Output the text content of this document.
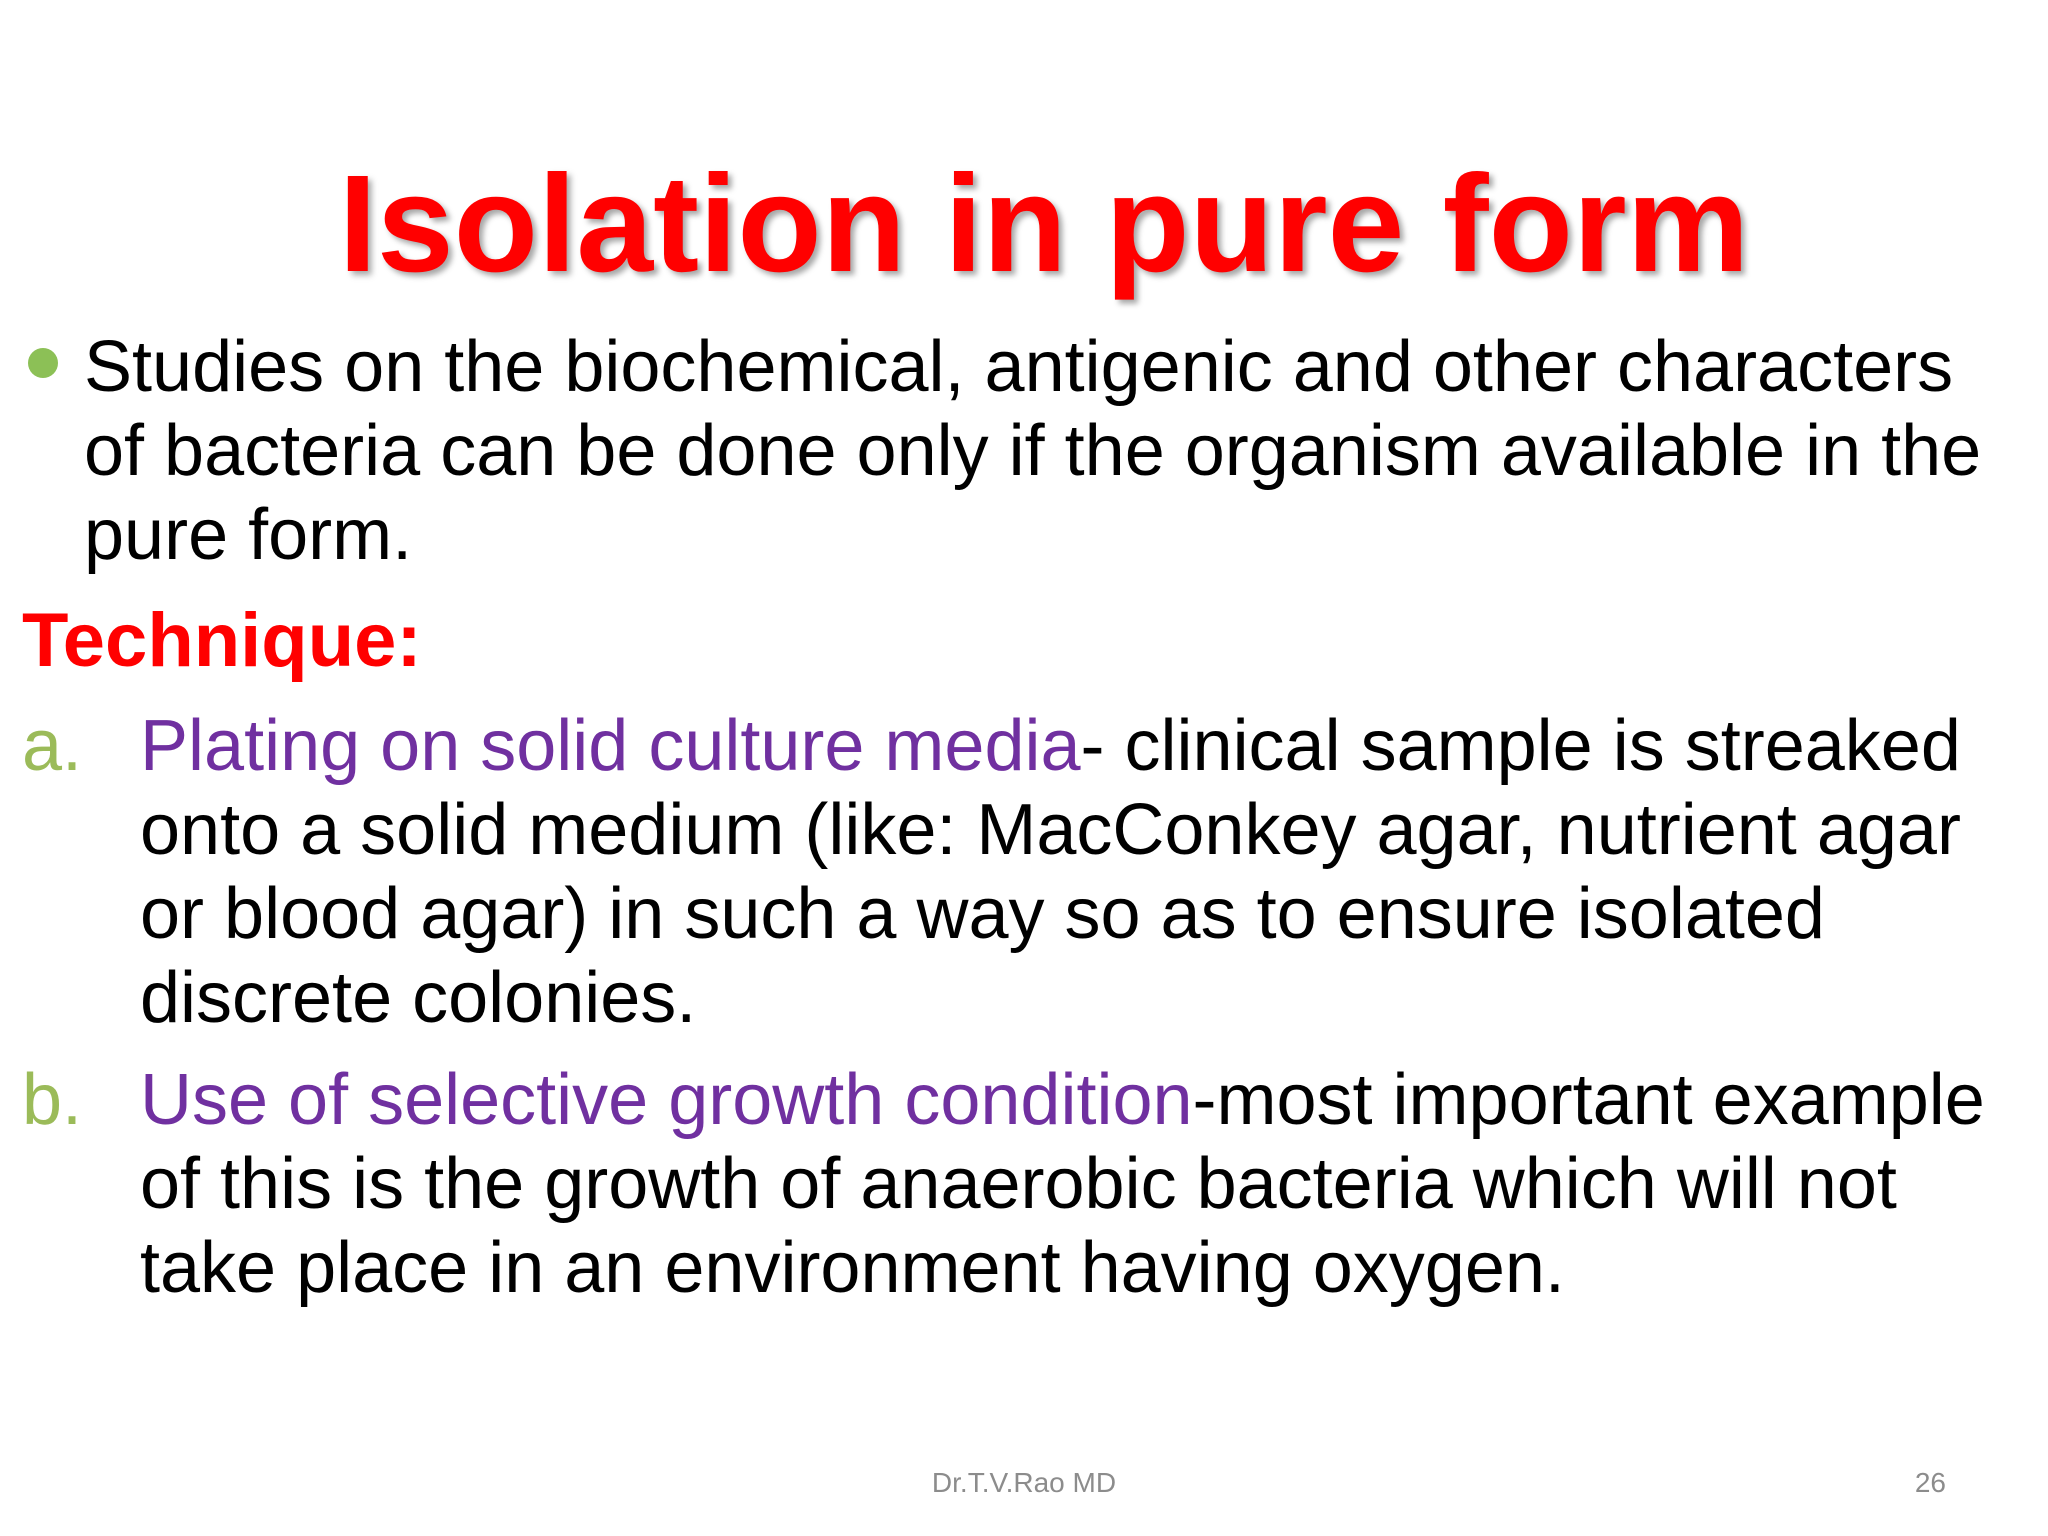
Isolation in pure form
Studies on the biochemical, antigenic and other characters of bacteria can be done only if the organism available in the pure form.
Technique:
a. Plating on solid culture media- clinical sample is streaked onto a solid medium (like: MacConkey agar, nutrient agar or blood agar) in such a way so as to ensure isolated discrete colonies.
b. Use of selective growth condition-most important example of this is the growth of anaerobic bacteria which will not take place in an environment having oxygen.
Dr.T.V.Rao MD	26
